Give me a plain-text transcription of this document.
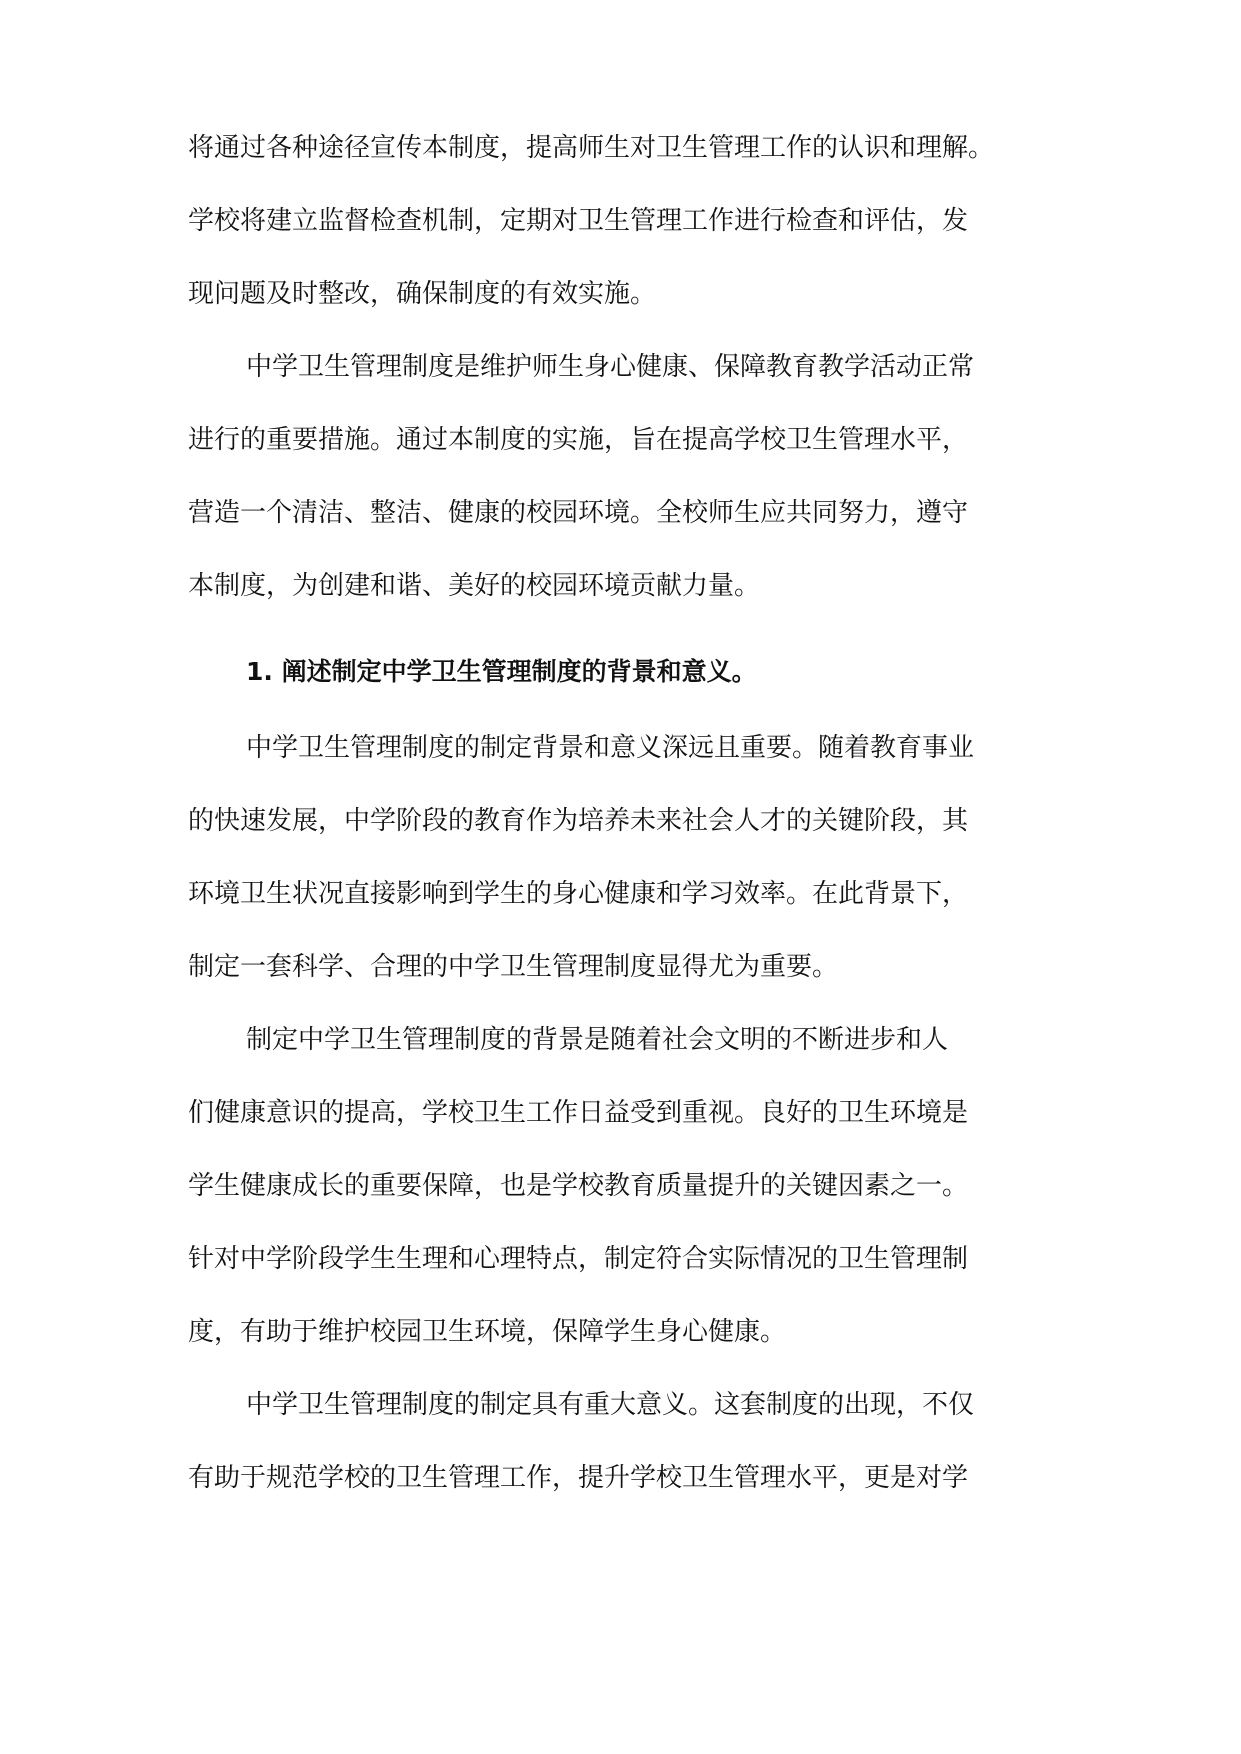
将通过各种途径宣传本制度，提高师生对卫生管理工作的认识和理解。
学校将建立监督检查机制，定期对卫生管理工作进行检查和评估，发
现问题及时整改，确保制度的有效实施。
中学卫生管理制度是维护师生身心健康、保障教育教学活动正常
进行的重要措施。通过本制度的实施，旨在提高学校卫生管理水平，
营造一个清洁、整洁、健康的校园环境。全校师生应共同努力，遵守
本制度，为创建和谐、美好的校园环境贡献力量。
1. 阐述制定中学卫生管理制度的背景和意义。
中学卫生管理制度的制定背景和意义深远且重要。随着教育事业
的快速发展，中学阶段的教育作为培养未来社会人才的关键阶段，其
环境卫生状况直接影响到学生的身心健康和学习效率。在此背景下，
制定一套科学、合理的中学卫生管理制度显得尤为重要。
制定中学卫生管理制度的背景是随着社会文明的不断进步和人
们健康意识的提高，学校卫生工作日益受到重视。良好的卫生环境是
学生健康成长的重要保障，也是学校教育质量提升的关键因素之一。
针对中学阶段学生生理和心理特点，制定符合实际情况的卫生管理制
度，有助于维护校园卫生环境，保障学生身心健康。
中学卫生管理制度的制定具有重大意义。这套制度的出现，不仅
有助于规范学校的卫生管理工作，提升学校卫生管理水平，更是对学
